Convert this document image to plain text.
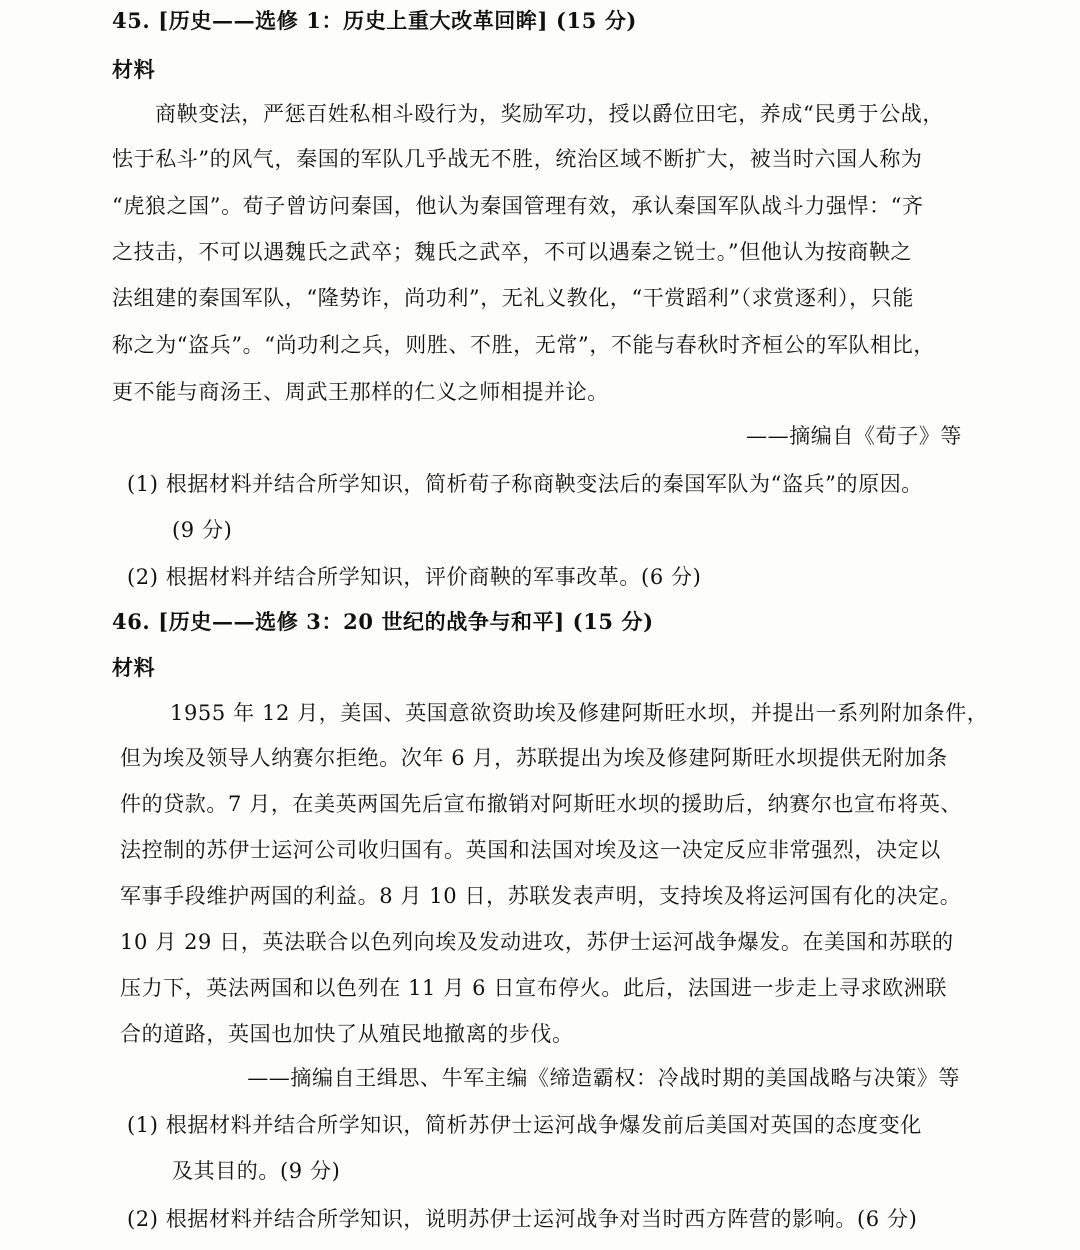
45. [历史——选修 1：历史上重大改革回眸] (15 分)
材料
商鞅变法，严惩百姓私相斗殴行为，奖励军功，授以爵位田宅，养成“民勇于公战，
怯于私斗”的风气，秦国的军队几乎战无不胜，统治区域不断扩大，被当时六国人称为
“虎狼之国”。荀子曾访问秦国，他认为秦国管理有效，承认秦国军队战斗力强悍：“齐
之技击，不可以遇魏氏之武卒；魏氏之武卒，不可以遇秦之锐士。”但他认为按商鞅之
法组建的秦国军队，“隆势诈，尚功利”，无礼义教化，“干赏蹈利”（求赏逐利），只能
称之为“盗兵”。“尚功利之兵，则胜、不胜，无常”，不能与春秋时齐桓公的军队相比，
更不能与商汤王、周武王那样的仁义之师相提并论。
——摘编自《荀子》等
(1) 根据材料并结合所学知识，简析荀子称商鞅变法后的秦国军队为“盗兵”的原因。
(9 分)
(2) 根据材料并结合所学知识，评价商鞅的军事改革。(6 分)
46. [历史——选修 3：20 世纪的战争与和平] (15 分)
材料
1955 年 12 月，美国、英国意欲资助埃及修建阿斯旺水坝，并提出一系列附加条件，
但为埃及领导人纳赛尔拒绝。次年 6 月，苏联提出为埃及修建阿斯旺水坝提供无附加条
件的贷款。7 月，在美英两国先后宣布撤销对阿斯旺水坝的援助后，纳赛尔也宣布将英、
法控制的苏伊士运河公司收归国有。英国和法国对埃及这一决定反应非常强烈，决定以
军事手段维护两国的利益。8 月 10 日，苏联发表声明，支持埃及将运河国有化的决定。
10 月 29 日，英法联合以色列向埃及发动进攻，苏伊士运河战争爆发。在美国和苏联的
压力下，英法两国和以色列在 11 月 6 日宣布停火。此后，法国进一步走上寻求欧洲联
合的道路，英国也加快了从殖民地撤离的步伐。
——摘编自王缉思、牛军主编《缔造霸权：冷战时期的美国战略与决策》等
(1) 根据材料并结合所学知识，简析苏伊士运河战争爆发前后美国对英国的态度变化
及其目的。(9 分)
(2) 根据材料并结合所学知识，说明苏伊士运河战争对当时西方阵营的影响。(6 分)
